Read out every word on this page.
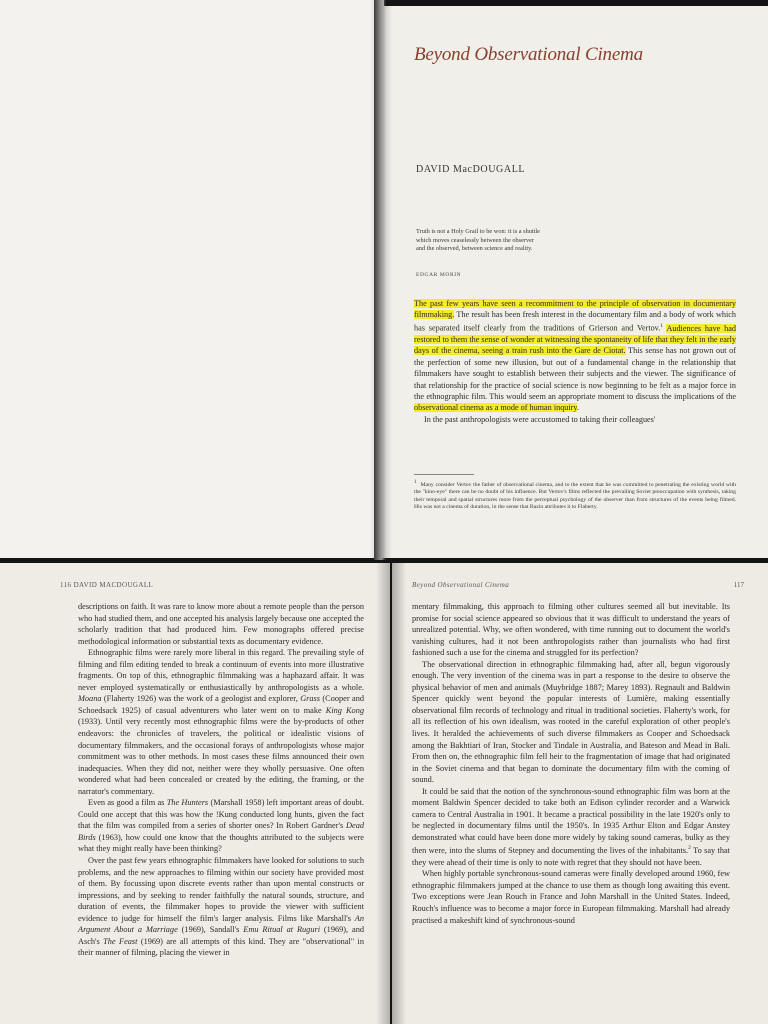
Beyond Observational Cinema
DAVID MacDOUGALL
Truth is not a Holy Grail to be won: it is a shuttle which moves ceaselessly between the observer and the observed, between science and reality.
EDGAR MORIN

The past few years have seen a recommitment to the principle of observation in documentary filmmaking. The result has been fresh interest in the documentary film and a body of work which has separated itself clearly from the traditions of Grierson and Vertov.$^1$ Audiences have had restored to them the sense of wonder at witnessing the spontaneity of life that they felt in the early days of the cinema, seeing a train rush into the Gare de Ciotat. This sense has not grown out of the perfection of some new illusion, but out of a fundamental change in the relationship that filmmakers have sought to establish between their subjects and the viewer. The significance of that relationship for the practice of social science is now beginning to be felt as a major force in the ethnographic film. This would seem an appropriate moment to discuss the implications of the observational cinema as a mode of human inquiry.

In the past anthropologists were accustomed to taking their colleagues'

1 Many consider Vertov the father of observational cinema, and to the extent that he was committed to penetrating the existing world with the "kino-eye" there can be no doubt of his influence. But Vertov's films reflected the prevailing Soviet preoccupation with synthesis, taking their temporal and spatial structures more from the perceptual psychology of the observer than from structures of the events being filmed. His was not a cinema of duration, in the sense that Bazin attributes it to Flaherty.
116 DAVID MACDOUGALL

descriptions on faith. It was rare to know more about a remote people than the person who had studied them, and one accepted his analysis largely because one accepted the scholarly tradition that had produced him. Few monographs offered precise methodological information or substantial texts as documentary evidence.

Ethnographic films were rarely more liberal in this regard. The prevailing style of filming and film editing tended to break a continuum of events into more illustrative fragments. On top of this, ethnographic filmmaking was a haphazard affair. It was never employed systematically or enthusiastically by anthropologists as a whole. Moana (Flaherty 1926) was the work of a geologist and explorer, Grass (Cooper and Schoedsack 1925) of casual adventurers who later went on to make King Kong (1933). Until very recently most ethnographic films were the by-products of other endeavors: the chronicles of travelers, the political or idealistic visions of documentary filmmakers, and the occasional forays of anthropologists whose major commitment was to other methods. In most cases these films announced their own inadequacies. When they did not, neither were they wholly persuasive. One often wondered what had been concealed or created by the editing, the framing, or the narrator's commentary.

Even as good a film as The Hunters (Marshall 1958) left important areas of doubt. Could one accept that this was how the !Kung conducted long hunts, given the fact that the film was compiled from a series of shorter ones? In Robert Gardner's Dead Birds (1963), how could one know that the thoughts attributed to the subjects were what they might really have been thinking?

Over the past few years ethnographic filmmakers have looked for solutions to such problems, and the new approaches to filming within our society have provided most of them. By focussing upon discrete events rather than upon mental constructs or impressions, and by seeking to render faithfully the natural sounds, structure, and duration of events, the filmmaker hopes to provide the viewer with sufficient evidence to judge for himself the film's larger analysis. Films like Marshall's An Argument About a Marriage (1969), Sandall's Emu Ritual at Ruguri (1969), and Asch's The Feast (1969) are all attempts of this kind. They are "observational" in their manner of filming, placing the viewer in

Beyond Observational Cinema	117

mentary filmmaking, this approach to filming other cultures seemed all but inevitable. Its promise for social science appeared so obvious that it was difficult to understand the years of unrealized potential. Why, we often wondered, with time running out to document the world's vanishing cultures, had it not been anthropologists rather than journalists who had first fashioned such a use for the cinema and struggled for its perfection?

The observational direction in ethnographic filmmaking had, after all, begun vigorously enough. The very invention of the cinema was in part a response to the desire to observe the physical behavior of men and animals (Muybridge 1887; Marey 1893). Regnault and Baldwin Spencer quickly went beyond the popular interests of Lumière, making essentially observational film records of technology and ritual in traditional societies. Flaherty's work, for all its reflection of his own idealism, was rooted in the careful exploration of other people's lives. It heralded the achievements of such diverse filmmakers as Cooper and Schoedsack among the Bakhtiari of Iran, Stocker and Tindale in Australia, and Bateson and Mead in Bali. From then on, the ethnographic film fell heir to the fragmentation of image that had originated in the Soviet cinema and that began to dominate the documentary film with the coming of sound.

It could be said that the notion of the synchronous-sound ethnographic film was born at the moment Baldwin Spencer decided to take both an Edison cylinder recorder and a Warwick camera to Central Australia in 1901. It became a practical possibility in the late 1920's only to be neglected in documentary films until the 1950's. In 1935 Arthur Elton and Edgar Anstey demonstrated what could have been done more widely by taking sound cameras, bulky as they then were, into the slums of Stepney and documenting the lives of the inhabitants.$^2$ To say that they were ahead of their time is only to note with regret that they should not have been.

When highly portable synchronous-sound cameras were finally developed around 1960, few ethnographic filmmakers jumped at the chance to use them as though long awaiting this event. Two exceptions were Jean Rouch in France and John Marshall in the United States. Indeed, Rouch's influence was to become a major force in European filmmaking. Marshall had already practised a makeshift kind of synchronous-sound
